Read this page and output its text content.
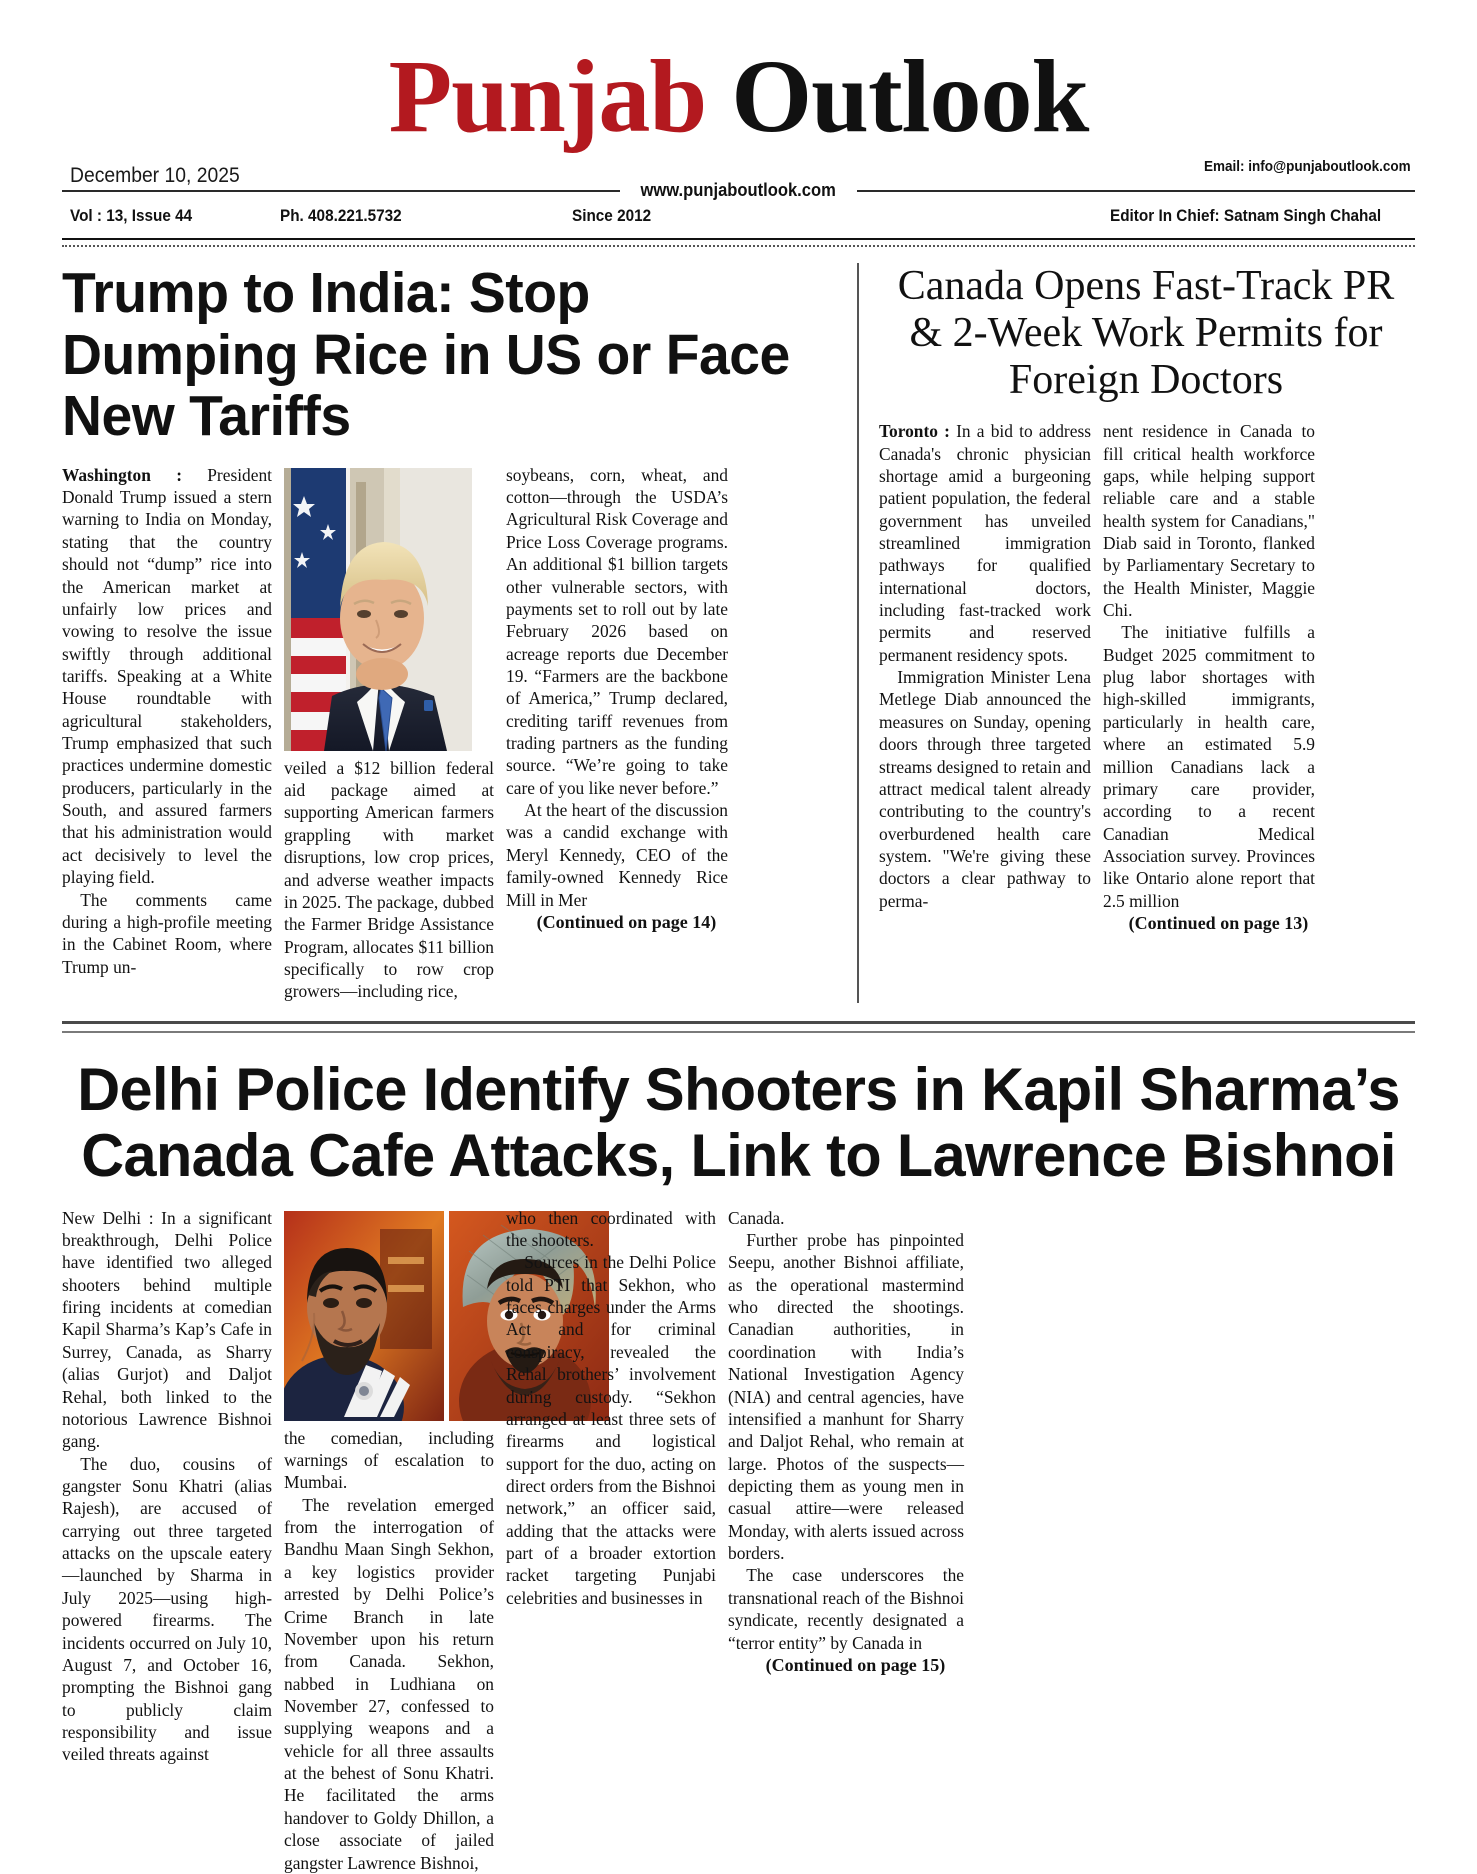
Punjab Outlook
December 10, 2025	Email: info@punjaboutlook.com
www.punjaboutlook.com
Vol : 13, Issue 44	Ph. 408.221.5732	Since 2012	Editor In Chief: Satnam Singh Chahal
Trump to India: Stop Dumping Rice in US or Face New Tariffs

Washington : President Donald Trump issued a stern warning to India on Monday, stating that the country should not “dump” rice into the American market at unfairly low prices and vowing to resolve the issue swiftly through additional tariffs. Speaking at a White House roundtable with agricultural stakeholders, Trump emphasized that such practices undermine domestic producers, particularly in the South, and assured farmers that his administration would act decisively to level the playing field.

The comments came during a high-profile meeting in the Cabinet Room, where Trump un-

veiled a $12 billion federal aid package aimed at supporting American farmers grappling with market disruptions, low crop prices, and adverse weather impacts in 2025. The package, dubbed the Farmer Bridge Assistance Program, allocates $11 billion specifically to row crop growers—including rice,

soybeans, corn, wheat, and cotton—through the USDA’s Agricultural Risk Coverage and Price Loss Coverage programs. An additional $1 billion targets other vulnerable sectors, with payments set to roll out by late February 2026 based on acreage reports due December 19. “Farmers are the backbone of America,” Trump declared, crediting tariff revenues from trading partners as the funding source. “We’re going to take care of you like never before.”

At the heart of the discussion was a candid exchange with Meryl Kennedy, CEO of the family-owned Kennedy Rice Mill in Mer

(Continued on page 14)

Canada Opens Fast-Track PR & 2-Week Work Permits for Foreign Doctors

Toronto : In a bid to address Canada's chronic physician shortage amid a burgeoning patient population, the federal government has unveiled streamlined immigration pathways for qualified international doctors, including fast-tracked work permits and reserved permanent residency spots.

Immigration Minister Lena Metlege Diab announced the measures on Sunday, opening doors through three targeted streams designed to retain and attract medical talent already contributing to the country's overburdened health care system. "We're giving these doctors a clear pathway to perma-

nent residence in Canada to fill critical health workforce gaps, while helping support reliable care and a stable health system for Canadians," Diab said in Toronto, flanked by Parliamentary Secretary to the Health Minister, Maggie Chi.

The initiative fulfills a Budget 2025 commitment to plug labor shortages with high-skilled immigrants, particularly in health care, where an estimated 5.9 million Canadians lack a primary care provider, according to a recent Canadian Medical Association survey. Provinces like Ontario alone report that 2.5 million

(Continued on page 13)

Delhi Police Identify Shooters in Kapil Sharma’s Canada Cafe Attacks, Link to Lawrence Bishnoi

New Delhi : In a significant breakthrough, Delhi Police have identified two alleged shooters behind multiple firing incidents at comedian Kapil Sharma’s Kap’s Cafe in Surrey, Canada, as Sharry (alias Gurjot) and Daljot Rehal, both linked to the notorious Lawrence Bishnoi gang.

The duo, cousins of gangster Sonu Khatri (alias Rajesh), are accused of carrying out three targeted attacks on the upscale eatery—launched by Sharma in July 2025—using high-powered firearms. The incidents occurred on July 10, August 7, and October 16, prompting the Bishnoi gang to publicly claim responsibility and issue veiled threats against

the comedian, including warnings of escalation to Mumbai.

The revelation emerged from the interrogation of Bandhu Maan Singh Sekhon, a key logistics provider arrested by Delhi Police’s Crime Branch in late November upon his return from Canada. Sekhon, nabbed in Ludhiana on November 27, confessed to supplying weapons and a vehicle for all three assaults at the behest of Sonu Khatri. He facilitated the arms handover to Goldy Dhillon, a close associate of jailed gangster Lawrence Bishnoi,

who then coordinated with the shooters.

Sources in the Delhi Police told PTI that Sekhon, who faces charges under the Arms Act and for criminal conspiracy, revealed the Rehal brothers’ involvement during custody. “Sekhon arranged at least three sets of firearms and logistical support for the duo, acting on direct orders from the Bishnoi network,” an officer said, adding that the attacks were part of a broader extortion racket targeting Punjabi celebrities and businesses in

Canada.

Further probe has pinpointed Seepu, another Bishnoi affiliate, as the operational mastermind who directed the shootings. Canadian authorities, in coordination with India’s National Investigation Agency (NIA) and central agencies, have intensified a manhunt for Sharry and Daljot Rehal, who remain at large. Photos of the suspects—depicting them as young men in casual attire—were released Monday, with alerts issued across borders.

The case underscores the transnational reach of the Bishnoi syndicate, recently designated a “terror entity” by Canada in

(Continued on page 15)
